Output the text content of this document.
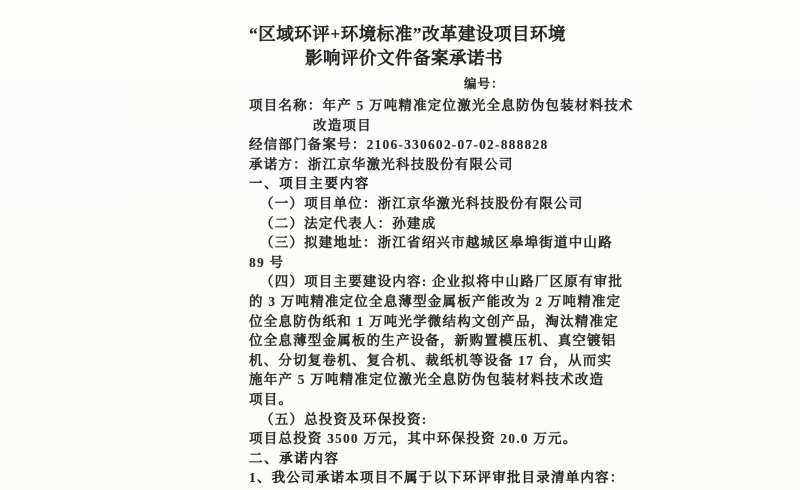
“区域环评+环境标准”改革建设项目环境
影响评价文件备案承诺书
编号：
项目名称：年产 5 万吨精准定位激光全息防伪包装材料技术
改造项目
经信部门备案号：2106-330602-07-02-888828
承诺方：浙江京华激光科技股份有限公司
一、项目主要内容
（一）项目单位：浙江京华激光科技股份有限公司
（二）法定代表人：孙建成
（三）拟建地址：浙江省绍兴市越城区皋埠街道中山路
89 号
（四）项目主要建设内容: 企业拟将中山路厂区原有审批
的 3 万吨精准定位全息薄型金属板产能改为 2 万吨精准定
位全息防伪纸和 1 万吨光学微结构文创产品，淘汰精准定
位全息薄型金属板的生产设备，新购置模压机、真空镀铝
机、分切复卷机、复合机、裁纸机等设备 17 台，从而实
施年产 5 万吨精准定位激光全息防伪包装材料技术改造
项目。
（五）总投资及环保投资:
项目总投资 3500 万元，其中环保投资 20.0 万元。
二、承诺内容
1、我公司承诺本项目不属于以下环评审批目录清单内容：
